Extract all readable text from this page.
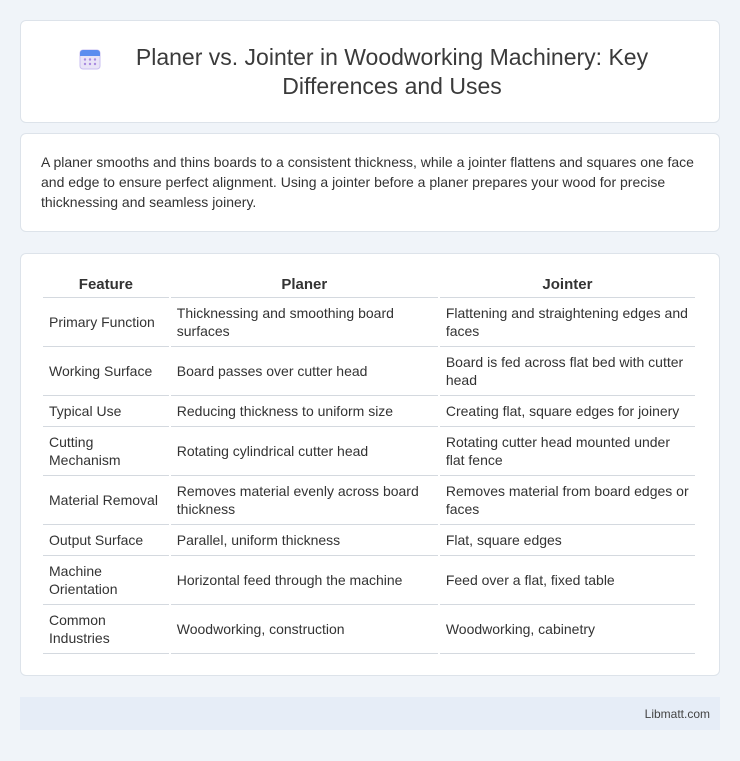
Planer vs. Jointer in Woodworking Machinery: Key Differences and Uses

A planer smooths and thins boards to a consistent thickness, while a jointer flattens and squares one face and edge to ensure perfect alignment. Using a jointer before a planer prepares your wood for precise thicknessing and seamless joinery.

Feature	Planer	Jointer
Primary Function	Thicknessing and smoothing board surfaces	Flattening and straightening edges and faces
Working Surface	Board passes over cutter head	Board is fed across flat bed with cutter head
Typical Use	Reducing thickness to uniform size	Creating flat, square edges for joinery
Cutting Mechanism	Rotating cylindrical cutter head	Rotating cutter head mounted under flat fence
Material Removal	Removes material evenly across board thickness	Removes material from board edges or faces
Output Surface	Parallel, uniform thickness	Flat, square edges
Machine Orientation	Horizontal feed through the machine	Feed over a flat, fixed table
Common Industries	Woodworking, construction	Woodworking, cabinetry
Libmatt.com
